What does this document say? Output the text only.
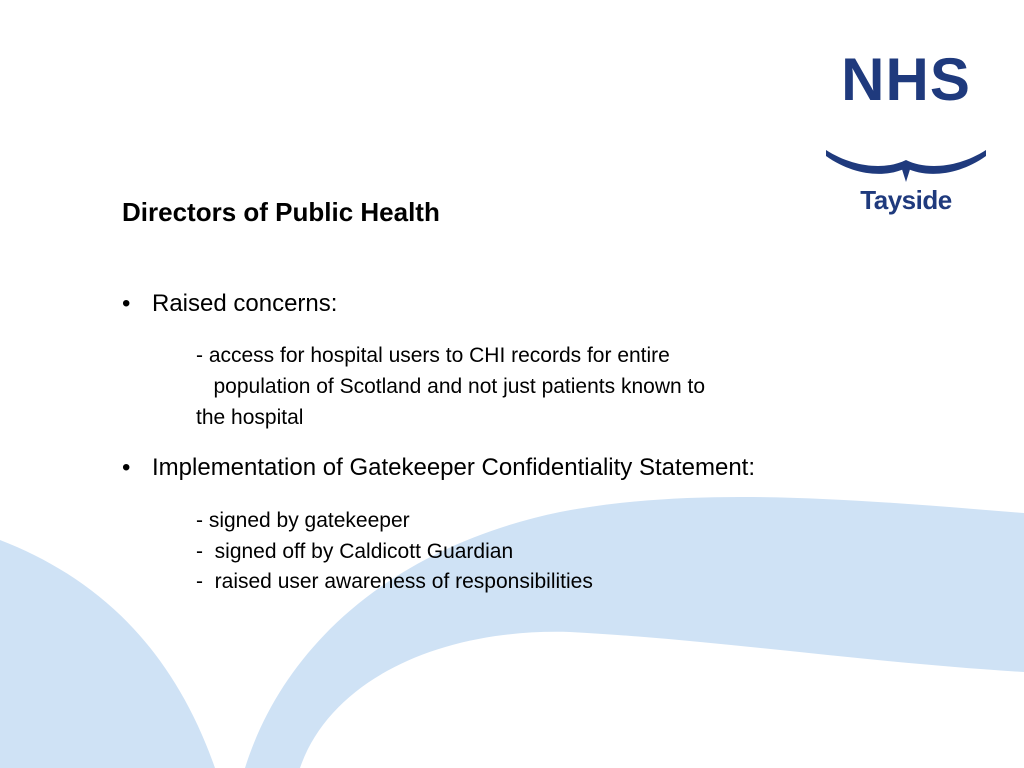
NHS
Tayside
Directors of Public Health
• Raised concerns:
- access for hospital users to CHI records for entire
population of Scotland and not just patients known to
the hospital
• Implementation of Gatekeeper Confidentiality Statement:
- signed by gatekeeper
-  signed off by Caldicott Guardian
-  raised user awareness of responsibilities
